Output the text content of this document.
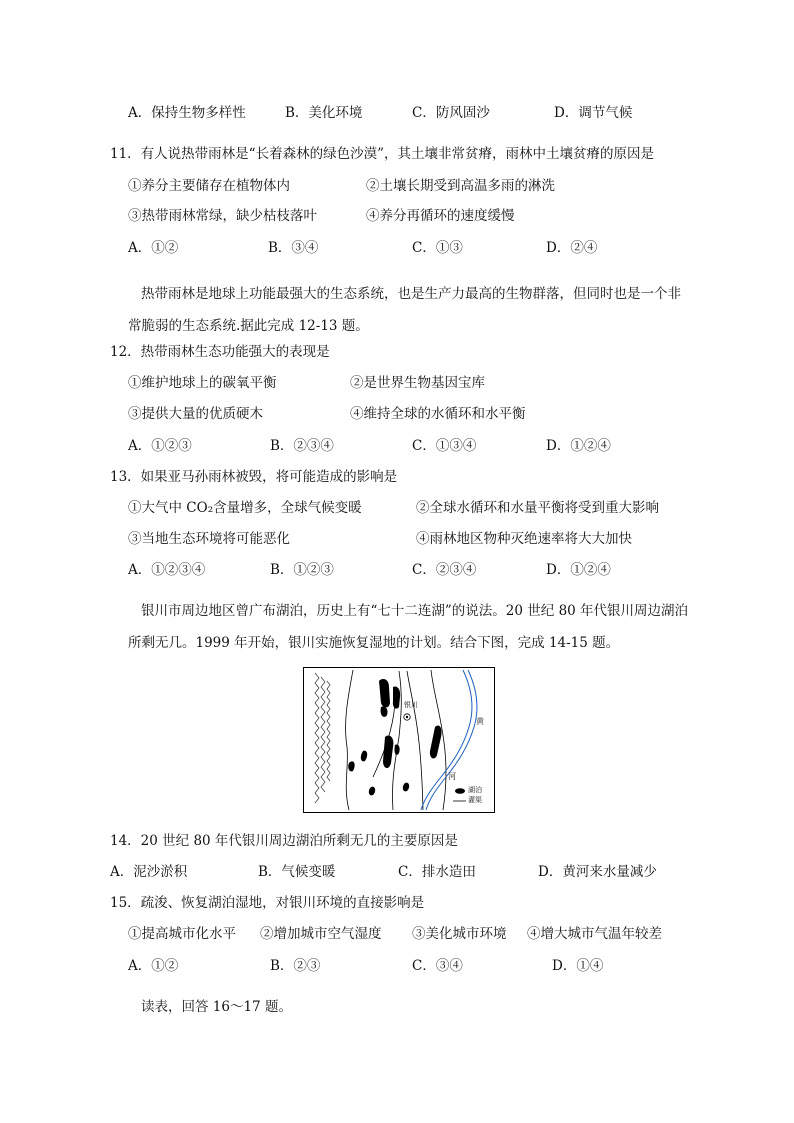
A．保持生物多样性	B．美化环境	C．防风固沙	D．调节气候
11．有人说热带雨林是“长着森林的绿色沙漠”，其土壤非常贫瘠，雨林中土壤贫瘠的原因是
①养分主要储存在植物体内	②土壤长期受到高温多雨的淋洗
③热带雨林常绿，缺少枯枝落叶	④养分再循环的速度缓慢
A．①②	B．③④	C．①③	D．②④
热带雨林是地球上功能最强大的生态系统，也是生产力最高的生物群落，但同时也是一个非常脆弱的生态系统.据此完成 12-13 题。
12．热带雨林生态功能强大的表现是
①维护地球上的碳氧平衡	②是世界生物基因宝库
③提供大量的优质硬木	④维持全球的水循环和水平衡
A．①②③	B．②③④	C．①③④	D．①②④
13．如果亚马孙雨林被毁，将可能造成的影响是
①大气中 CO₂含量增多，全球气候变暖	②全球水循环和水量平衡将受到重大影响
③当地生态环境将可能恶化	④雨林地区物种灭绝速率将大大加快
A．①②③④	B．①②③	C．②③④	D．①②④
银川市周边地区曾广布湖泊，历史上有“七十二连湖”的说法。20 世纪 80 年代银川周边湖泊所剩无几。1999 年开始，银川实施恢复湿地的计划。结合下图，完成 14-15 题。
银川
黄
河
湖泊
灌渠
14．20 世纪 80 年代银川周边湖泊所剩无几的主要原因是
A．泥沙淤积	B．气候变暖	C．排水造田	D．黄河来水量减少
15．疏浚、恢复湖泊湿地，对银川环境的直接影响是
①提高城市化水平 ②增加城市空气湿度 ③美化城市环境 ④增大城市气温年较差
A．①②	B．②③	C．③④	D．①④
读表，回答 16～17 题。
